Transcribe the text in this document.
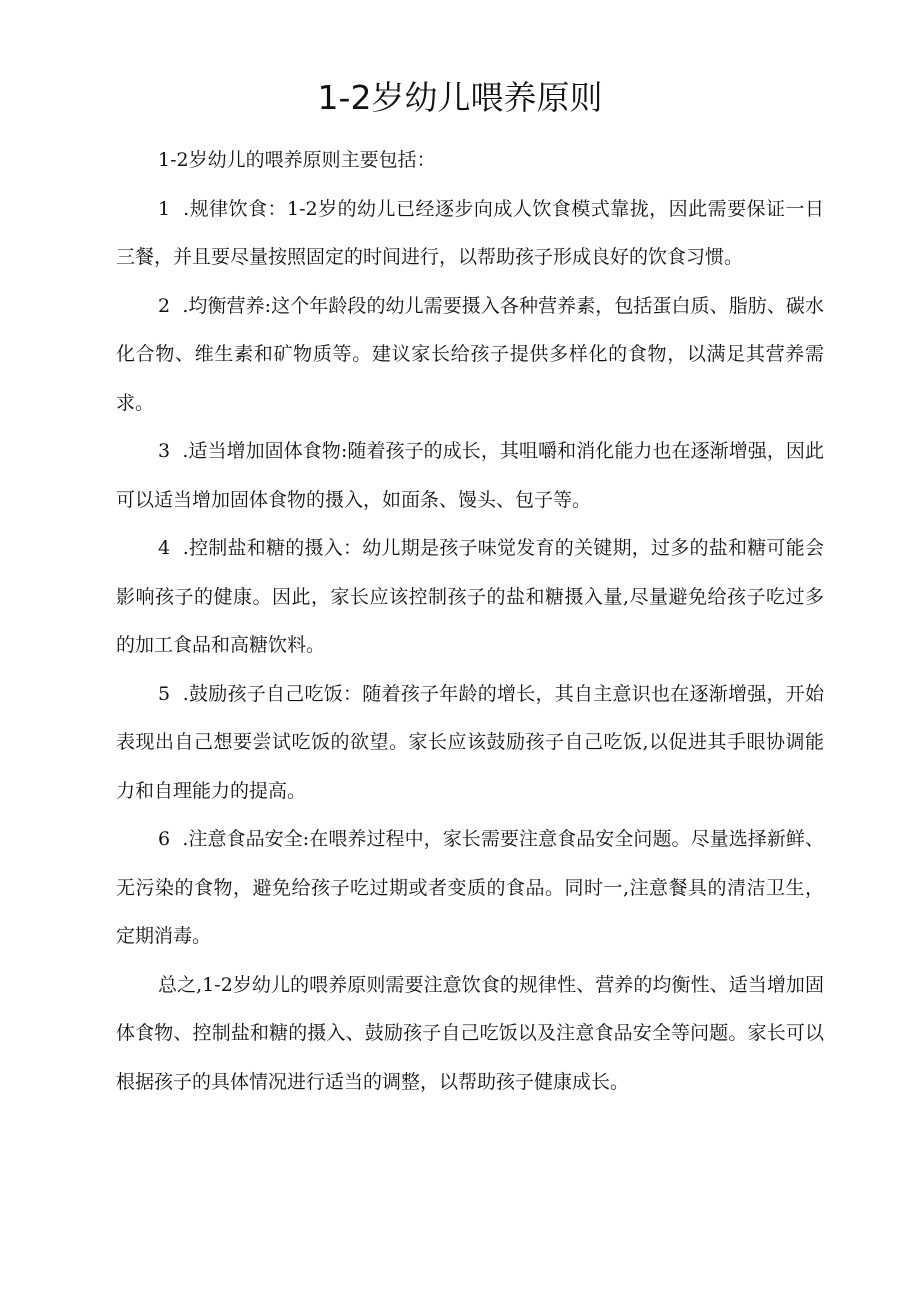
1-2岁幼儿喂养原则

1-2岁幼儿的喂养原则主要包括：

1 .规律饮食：1-2岁的幼儿已经逐步向成人饮食模式靠拢，因此需要保证一日三餐，并且要尽量按照固定的时间进行，以帮助孩子形成良好的饮食习惯。

2 .均衡营养:这个年龄段的幼儿需要摄入各种营养素，包括蛋白质、脂肪、碳水化合物、维生素和矿物质等。建议家长给孩子提供多样化的食物，以满足其营养需求。

3 .适当增加固体食物:随着孩子的成长，其咀嚼和消化能力也在逐渐增强，因此可以适当增加固体食物的摄入，如面条、馒头、包子等。

4 .控制盐和糖的摄入：幼儿期是孩子味觉发育的关键期，过多的盐和糖可能会影响孩子的健康。因此，家长应该控制孩子的盐和糖摄入量,尽量避免给孩子吃过多的加工食品和高糖饮料。

5 .鼓励孩子自己吃饭：随着孩子年龄的增长，其自主意识也在逐渐增强，开始表现出自己想要尝试吃饭的欲望。家长应该鼓励孩子自己吃饭,以促进其手眼协调能力和自理能力的提高。

6 .注意食品安全:在喂养过程中，家长需要注意食品安全问题。尽量选择新鲜、无污染的食物，避免给孩子吃过期或者变质的食品。同时一,注意餐具的清洁卫生，定期消毒。

总之,1-2岁幼儿的喂养原则需要注意饮食的规律性、营养的均衡性、适当增加固体食物、控制盐和糖的摄入、鼓励孩子自己吃饭以及注意食品安全等问题。家长可以根据孩子的具体情况进行适当的调整，以帮助孩子健康成长。
